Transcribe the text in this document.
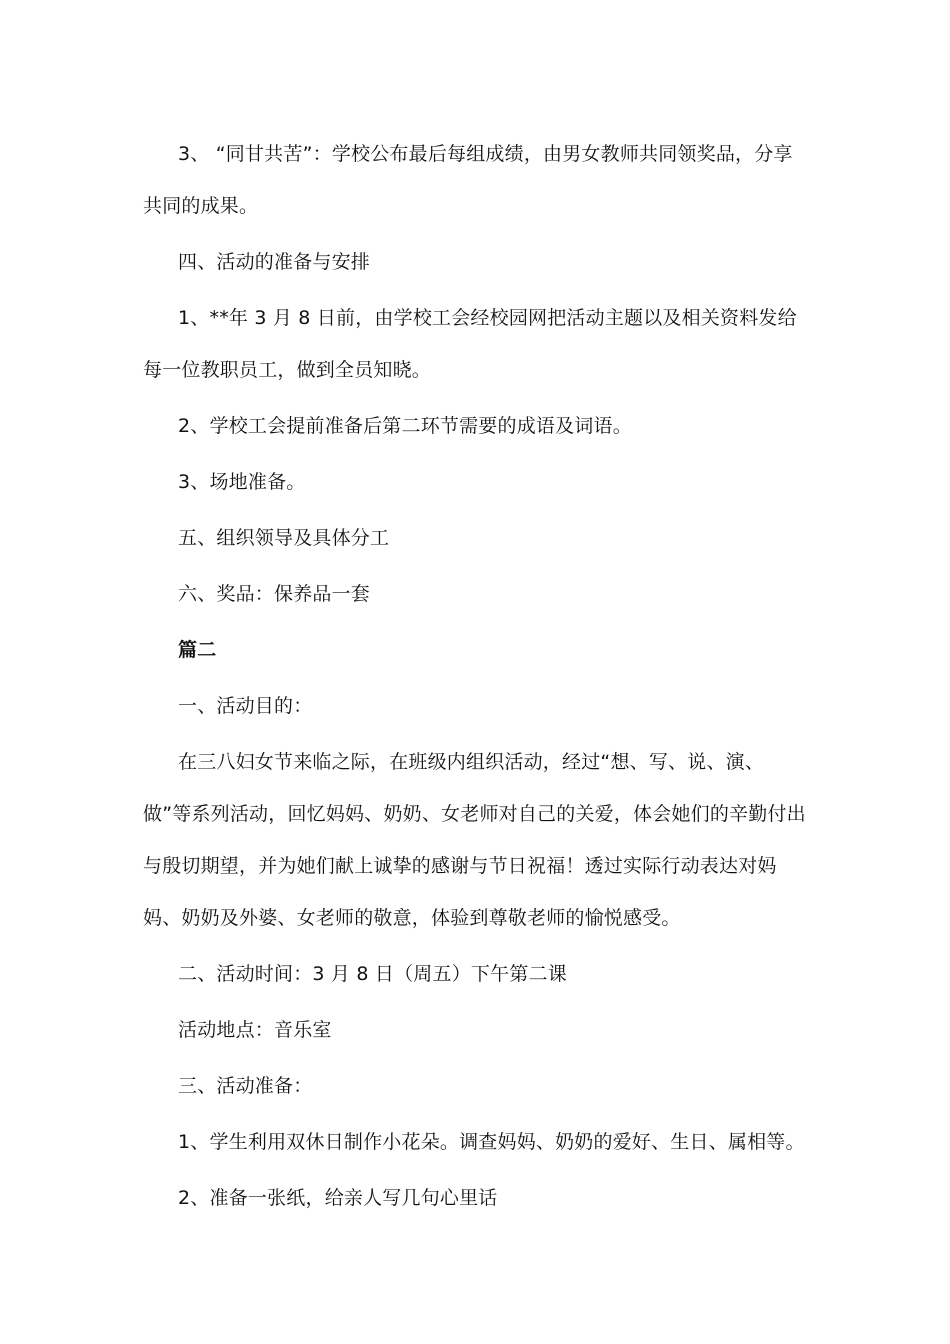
3、 “同甘共苦”：学校公布最后每组成绩，由男女教师共同领奖品，分享共同的成果。

四、活动的准备与安排

1、**年 3 月 8 日前，由学校工会经校园网把活动主题以及相关资料发给每一位教职员工，做到全员知晓。

2、学校工会提前准备后第二环节需要的成语及词语。

3、场地准备。

五、组织领导及具体分工

六、奖品：保养品一套

篇二

一、活动目的：

在三八妇女节来临之际，在班级内组织活动，经过“想、写、说、演、做”等系列活动，回忆妈妈、奶奶、女老师对自己的关爱，体会她们的辛勤付出与殷切期望，并为她们献上诚挚的感谢与节日祝福！透过实际行动表达对妈妈、奶奶及外婆、女老师的敬意，体验到尊敬老师的愉悦感受。

二、活动时间：3 月 8 日（周五）下午第二课

活动地点：音乐室

三、活动准备：

1、学生利用双休日制作小花朵。调查妈妈、奶奶的爱好、生日、属相等。

2、准备一张纸，给亲人写几句心里话
